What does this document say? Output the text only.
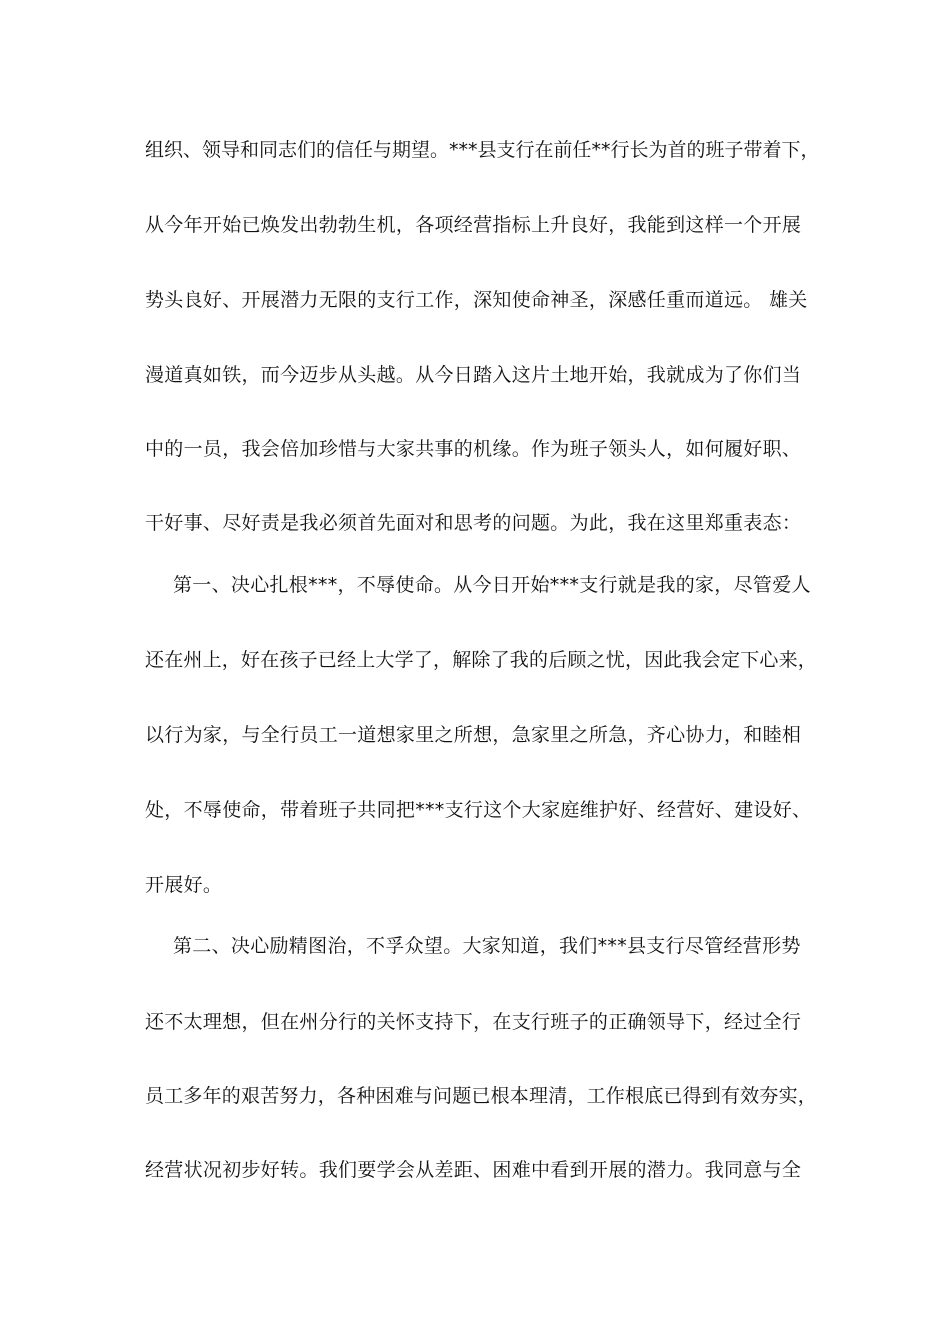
组织、领导和同志们的信任与期望。***县支行在前任**行长为首的班子带着下，
从今年开始已焕发出勃勃生机，各项经营指标上升良好，我能到这样一个开展
势头良好、开展潜力无限的支行工作，深知使命神圣，深感任重而道远。 雄关
漫道真如铁，而今迈步从头越。从今日踏入这片土地开始，我就成为了你们当
中的一员，我会倍加珍惜与大家共事的机缘。作为班子领头人，如何履好职、
干好事、尽好责是我必须首先面对和思考的问题。为此，我在这里郑重表态：
第一、决心扎根***，不辱使命。从今日开始***支行就是我的家，尽管爱人
还在州上，好在孩子已经上大学了，解除了我的后顾之忧，因此我会定下心来，
以行为家，与全行员工一道想家里之所想，急家里之所急，齐心协力，和睦相
处，不辱使命，带着班子共同把***支行这个大家庭维护好、经营好、建设好、
开展好。
第二、决心励精图治，不孚众望。大家知道，我们***县支行尽管经营形势
还不太理想，但在州分行的关怀支持下，在支行班子的正确领导下，经过全行
员工多年的艰苦努力，各种困难与问题已根本理清，工作根底已得到有效夯实，
经营状况初步好转。我们要学会从差距、困难中看到开展的潜力。我同意与全
